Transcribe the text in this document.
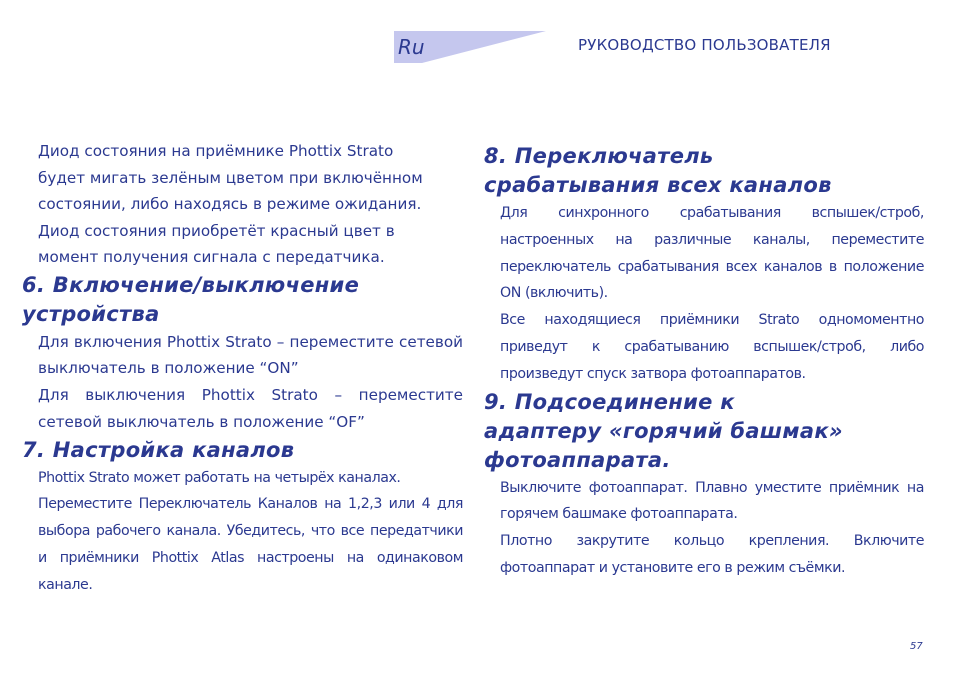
Ru	РУКОВОДСТВО ПОЛЬЗОВАТЕЛЯ

Диод состояния на приёмнике Phottix Strato будет мигать зелёным цветом при включённом состоянии, либо находясь в режиме ожидания. Диод состояния приобретёт красный цвет в момент получения сигнала с передатчика.

6. Включение/выключение
устройства

Для включения Phottix Strato – переместите сетевой выключатель в положение “ON”

Для выключения Phottix Strato – переместите сетевой выключатель в положение “OF”

7. Настройка каналов

Phottix Strato может работать на четырёх каналах.

Переместите Переключатель Каналов на 1,2,3 или 4 для выбора рабочего канала. Убедитесь, что все передатчики и приёмники Phottix Atlas настроены на одинаковом канале.

8. Переключатель
срабатывания всех каналов

Для синхронного срабатывания вспышек/строб, настроенных на различные каналы, переместите переключатель срабатывания всех каналов в положение ON (включить).

Все находящиеся приёмники Strato одномоментно приведут к срабатыванию вспышек/строб, либо произведут спуск затвора фотоаппаратов.

9. Подсоединение к
адаптеру «горячий башмак»
фотоаппарата.

Выключите фотоаппарат. Плавно уместите приёмник на горячем башмаке фотоаппарата.

Плотно закрутите кольцо крепления. Включите фотоаппарат и установите его в режим съёмки.

57
